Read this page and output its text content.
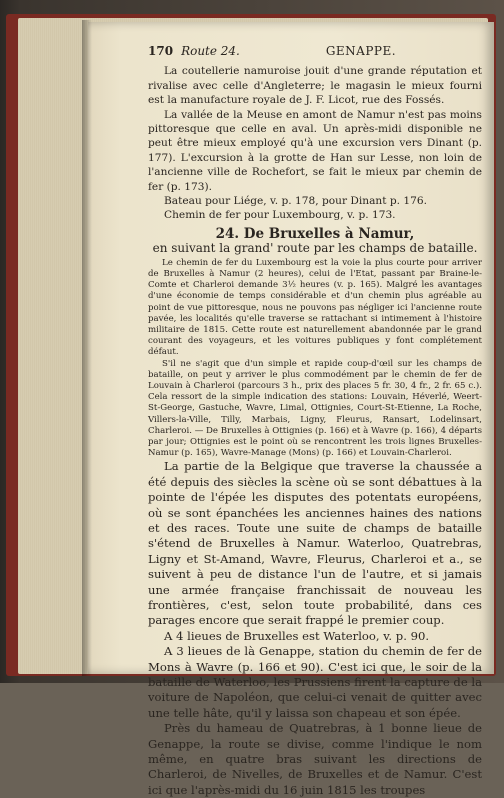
170 Route 24.	GENAPPE.

La coutellerie namuroise jouit d'une grande réputation et rivalise avec celle d'Angleterre; le magasin le mieux fourni est la manufacture royale de J. F. Licot, rue des Fossés.

La vallée de la Meuse en amont de Namur n'est pas moins pittoresque que celle en aval. Un après-midi disponible ne peut être mieux employé qu'à une excursion vers Dinant (p. 177). L'excursion à la grotte de Han sur Lesse, non loin de l'ancienne ville de Rochefort, se fait le mieux par chemin de fer (p. 173).

Bateau pour Liége, v. p. 178, pour Dinant p. 176.

Chemin de fer pour Luxembourg, v. p. 173.

24. De Bruxelles à Namur,
en suivant la grand' route par les champs de bataille.

Le chemin de fer du Luxembourg est la voie la plus courte pour arriver de Bruxelles à Namur (2 heures), celui de l'Etat, passant par Braine-le-Comte et Charleroi demande 3½ heures (v. p. 165). Malgré les avantages d'une économie de temps considérable et d'un chemin plus agréable au point de vue pittoresque, nous ne pouvons pas négliger ici l'ancienne route pavée, les localités qu'elle traverse se rattachant si intimement à l'histoire militaire de 1815. Cette route est naturellement abandonnée par le grand courant des voyageurs, et les voitures publiques y font complétement défaut.

S'il ne s'agit que d'un simple et rapide coup-d'œil sur les champs de bataille, on peut y arriver le plus commodément par le chemin de fer de Louvain à Charleroi (parcours 3 h., prix des places 5 fr. 30, 4 fr., 2 fr. 65 c.). Cela ressort de la simple indication des stations: Louvain, Héverlé, Weert-St-George, Gastuche, Wavre, Limal, Ottignies, Court-St-Etienne, La Roche, Villers-la-Ville, Tilly, Marbais, Ligny, Fleurus, Ransart, Lodelinsart, Charleroi. — De Bruxelles à Ottignies (p. 166) et à Wavre (p. 166), 4 départs par jour; Ottignies est le point où se rencontrent les trois lignes Bruxelles-Namur (p. 165), Wavre-Manage (Mons) (p. 166) et Louvain-Charleroi.

La partie de la Belgique que traverse la chaussée a été depuis des siècles la scène où se sont débattues à la pointe de l'épée les disputes des potentats européens, où se sont épanchées les anciennes haines des nations et des races. Toute une suite de champs de bataille s'étend de Bruxelles à Namur. Waterloo, Quatrebras, Ligny et St-Amand, Wavre, Fleurus, Charleroi et a., se suivent à peu de distance l'un de l'autre, et si jamais une armée française franchissait de nouveau les frontières, c'est, selon toute probabilité, dans ces parages encore que serait frappé le premier coup.

A 4 lieues de Bruxelles est Waterloo, v. p. 90.

A 3 lieues de là Genappe, station du chemin de fer de Mons à Wavre (p. 166 et 90). C'est ici que, le soir de la bataille de Waterloo, les Prussiens firent la capture de la voiture de Napoléon, que celui-ci venait de quitter avec une telle hâte, qu'il y laissa son chapeau et son épée.

Près du hameau de Quatrebras, à 1 bonne lieue de Genappe, la route se divise, comme l'indique le nom même, en quatre bras suivant les directions de Charleroi, de Nivelles, de Bruxelles et de Namur. C'est ici que l'après-midi du 16 juin 1815 les troupes
